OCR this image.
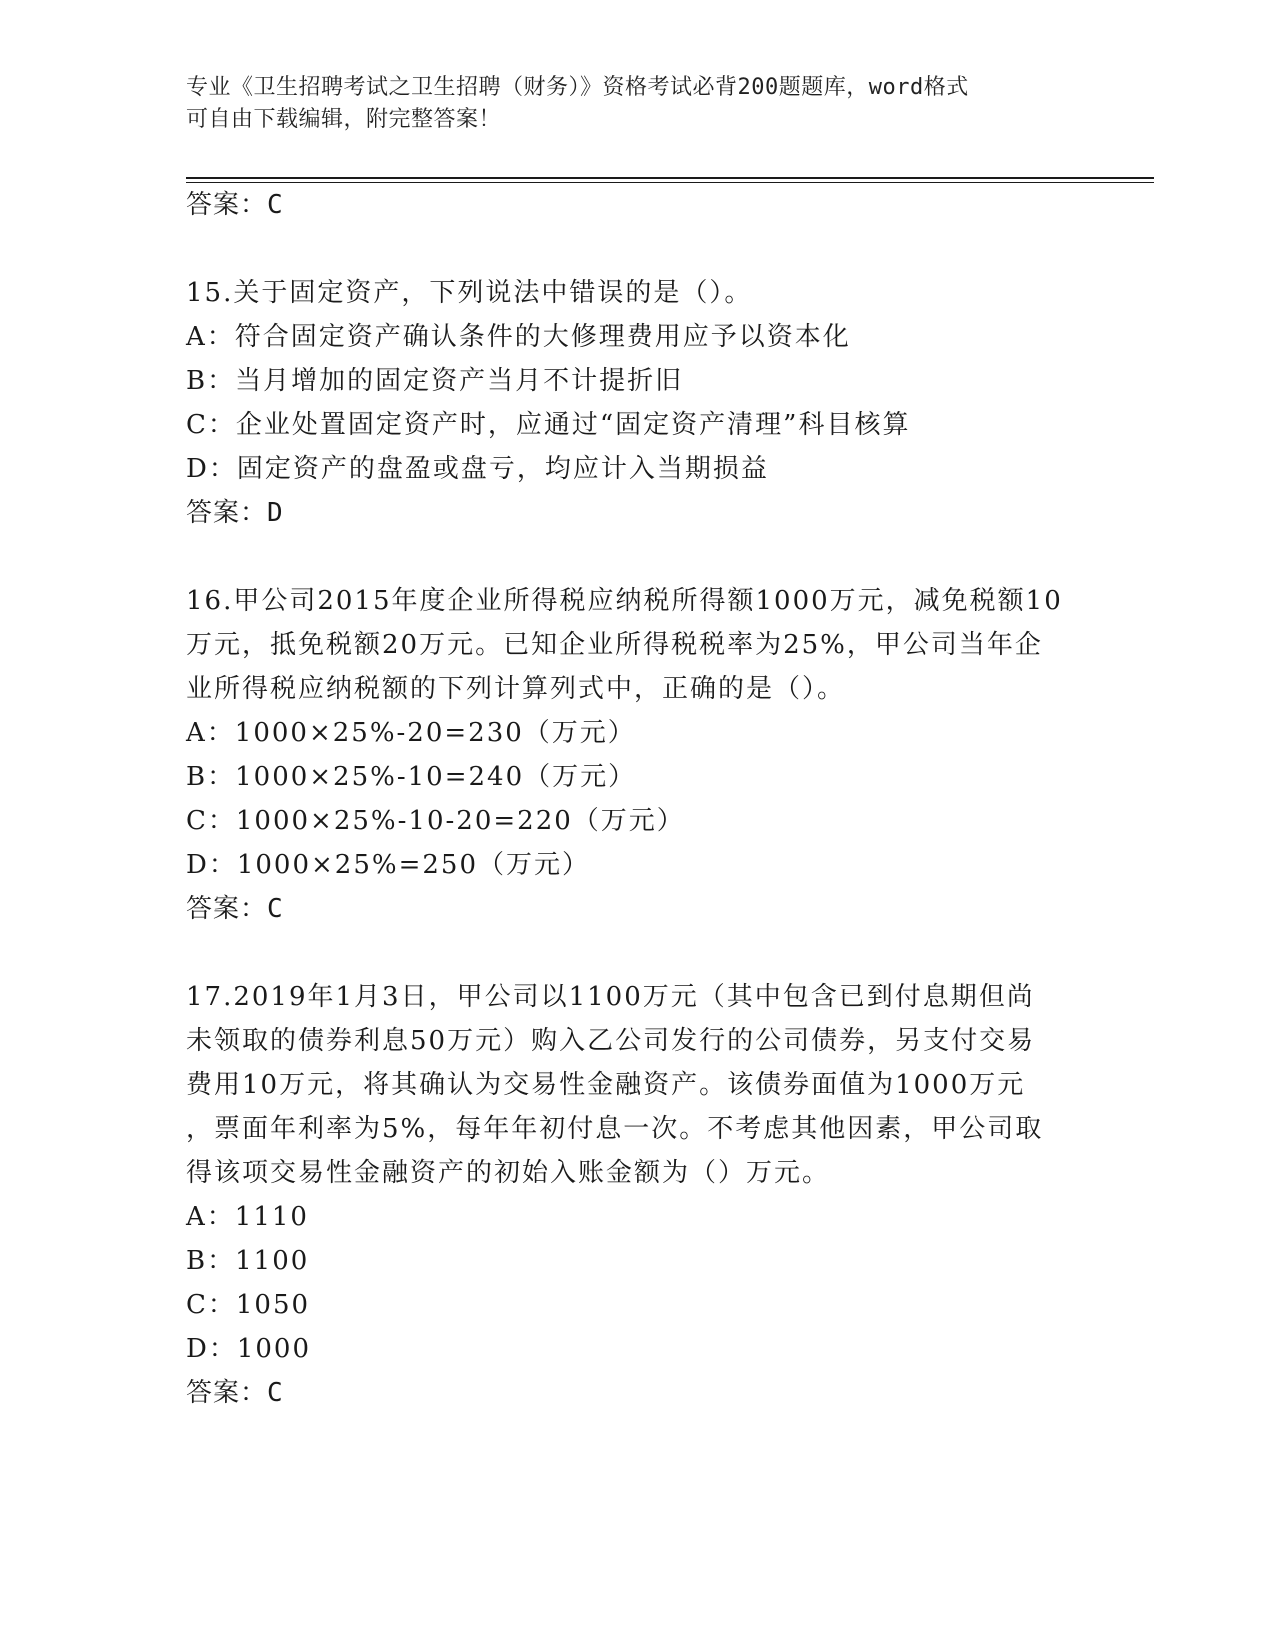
专业《卫生招聘考试之卫生招聘（财务）》资格考试必背200题题库，word格式
可自由下载编辑，附完整答案！
答案：C
15.关于固定资产，下列说法中错误的是（）。
A：符合固定资产确认条件的大修理费用应予以资本化
B：当月增加的固定资产当月不计提折旧
C：企业处置固定资产时，应通过“固定资产清理”科目核算
D：固定资产的盘盈或盘亏，均应计入当期损益
答案：D
16.甲公司2015年度企业所得税应纳税所得额1000万元，减免税额10
万元，抵免税额20万元。已知企业所得税税率为25%，甲公司当年企
业所得税应纳税额的下列计算列式中，正确的是（）。
A：1000×25%-20=230（万元）
B：1000×25%-10=240（万元）
C：1000×25%-10-20=220（万元）
D：1000×25%=250（万元）
答案：C
17.2019年1月3日，甲公司以1100万元（其中包含已到付息期但尚
未领取的债券利息50万元）购入乙公司发行的公司债券，另支付交易
费用10万元，将其确认为交易性金融资产。该债券面值为1000万元
，票面年利率为5%，每年年初付息一次。不考虑其他因素，甲公司取
得该项交易性金融资产的初始入账金额为（）万元。
A：1110
B：1100
C：1050
D：1000
答案：C
